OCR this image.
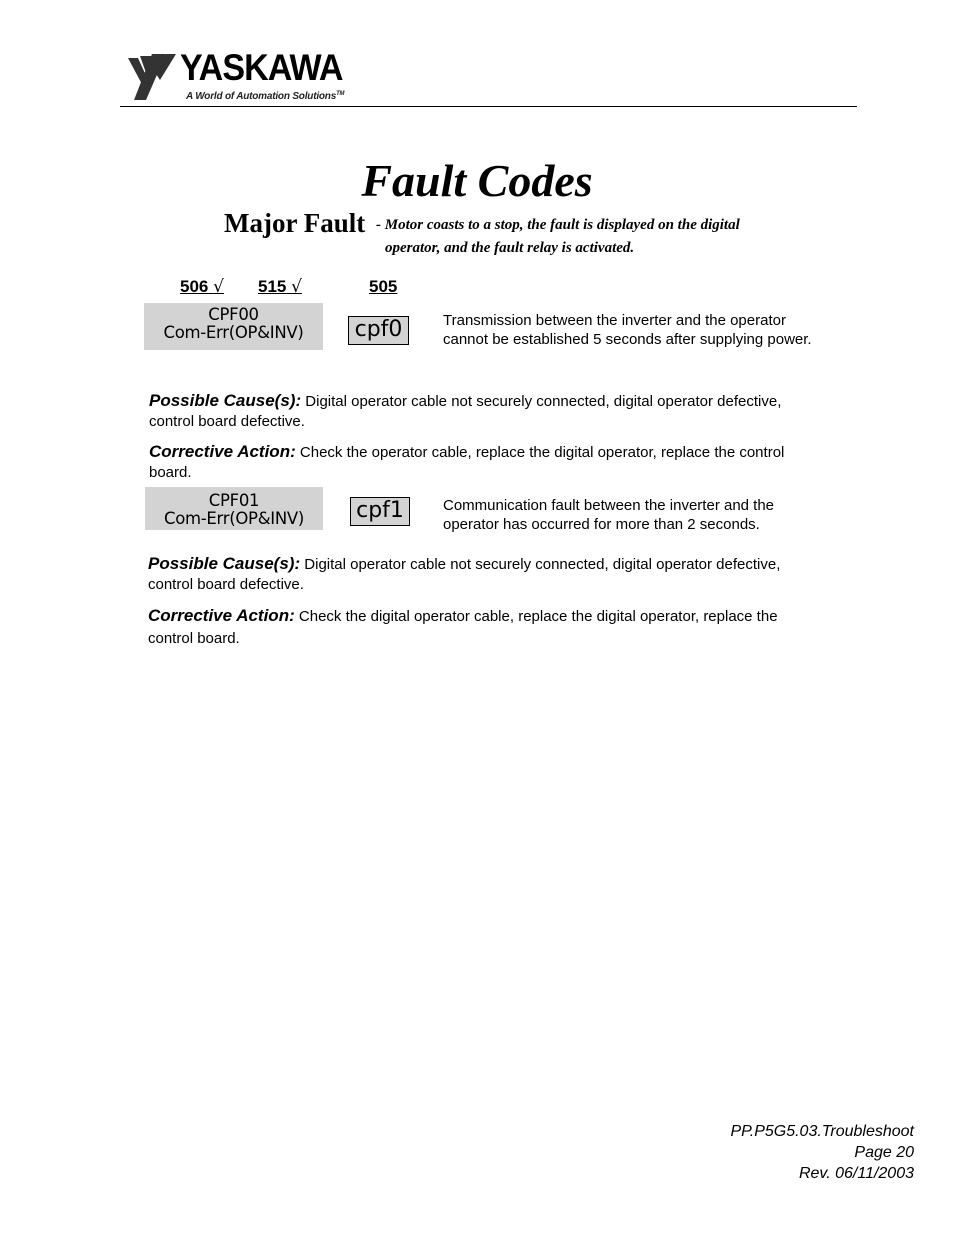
YASKAWA
A World of Automation Solutions™
Fault Codes
Major Fault - Motor coasts to a stop, the fault is displayed on the digital
operator, and the fault relay is activated.
506 √ 515 √	505
CPF00
Com-Err(OP&INV)	cpf0	Transmission between the inverter and the operator cannot be established 5 seconds after supplying power.
Possible Cause(s): Digital operator cable not securely connected, digital operator defective, control board defective.
Corrective Action: Check the operator cable, replace the digital operator, replace the control board.
CPF01
Com-Err(OP&INV)	cpf1	Communication fault between the inverter and the operator has occurred for more than 2 seconds.
Possible Cause(s): Digital operator cable not securely connected, digital operator defective, control board defective.
Corrective Action: Check the digital operator cable, replace the digital operator, replace the control board.
PP.P5G5.03.Troubleshoot
Page 20
Rev. 06/11/2003
